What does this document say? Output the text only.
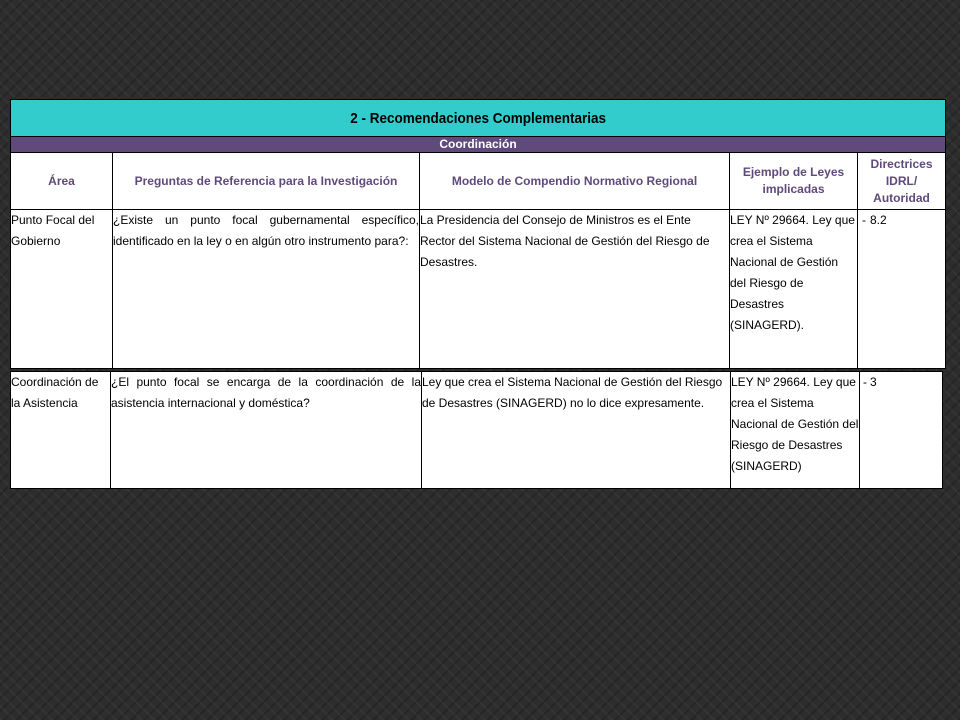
2 - Recomendaciones Complementarias				
Coordinación				
Área	Preguntas de Referencia para la Investigación	Modelo de Compendio Normativo Regional	Ejemplo de Leyes implicadas	Directrices IDRL/ Autoridad
Punto Focal del Gobierno	¿Existe un punto focal gubernamental específico, identificado en la ley o en algún otro instrumento para?:	La Presidencia del Consejo de Ministros es el Ente Rector del Sistema Nacional de Gestión del Riesgo de Desastres.	LEY Nº 29664. Ley que crea el Sistema Nacional de Gestión del Riesgo de Desastres (SINAGERD).	- 8.2
Coordinación de la Asistencia	¿El punto focal se encarga de la coordinación de la asistencia internacional y doméstica?	Ley que crea el Sistema Nacional de Gestión del Riesgo de Desastres (SINAGERD) no lo dice expresamente.	LEY Nº 29664. Ley que crea el Sistema Nacional de Gestión del Riesgo de Desastres (SINAGERD)	- 3
